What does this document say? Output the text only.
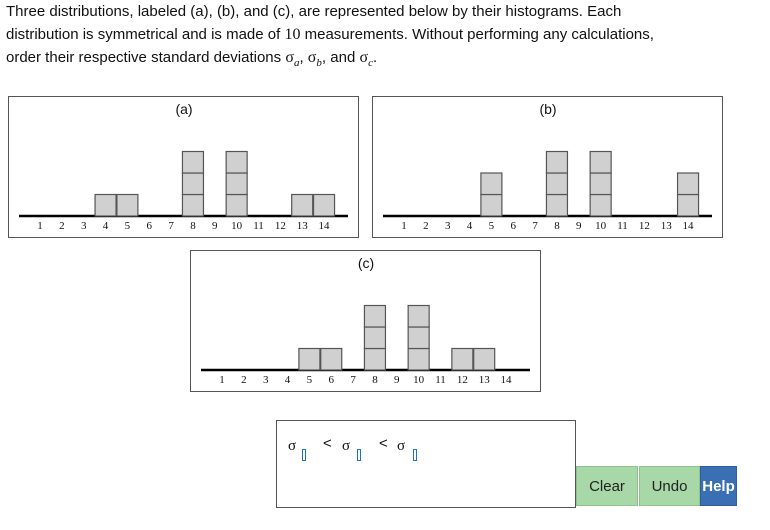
Three distributions, labeled (a), (b), and (c), are represented below by their histograms. Each
distribution is symmetrical and is made of 10 measurements. Without performing any calculations,
order their respective standard deviations $\sigma_a$, $\sigma_b$, and $\sigma_c$.
(a)
1 2 3 4 5 6 7 8 9 10 11 12 13 14
(b)
1 2 3 4 5 6 7 8 9 10 11 12 13 14
(c)
1 2 3 4 5 6 7 8 9 10 11 12 13 14
σ < σ < σ
Clear	Undo Help
